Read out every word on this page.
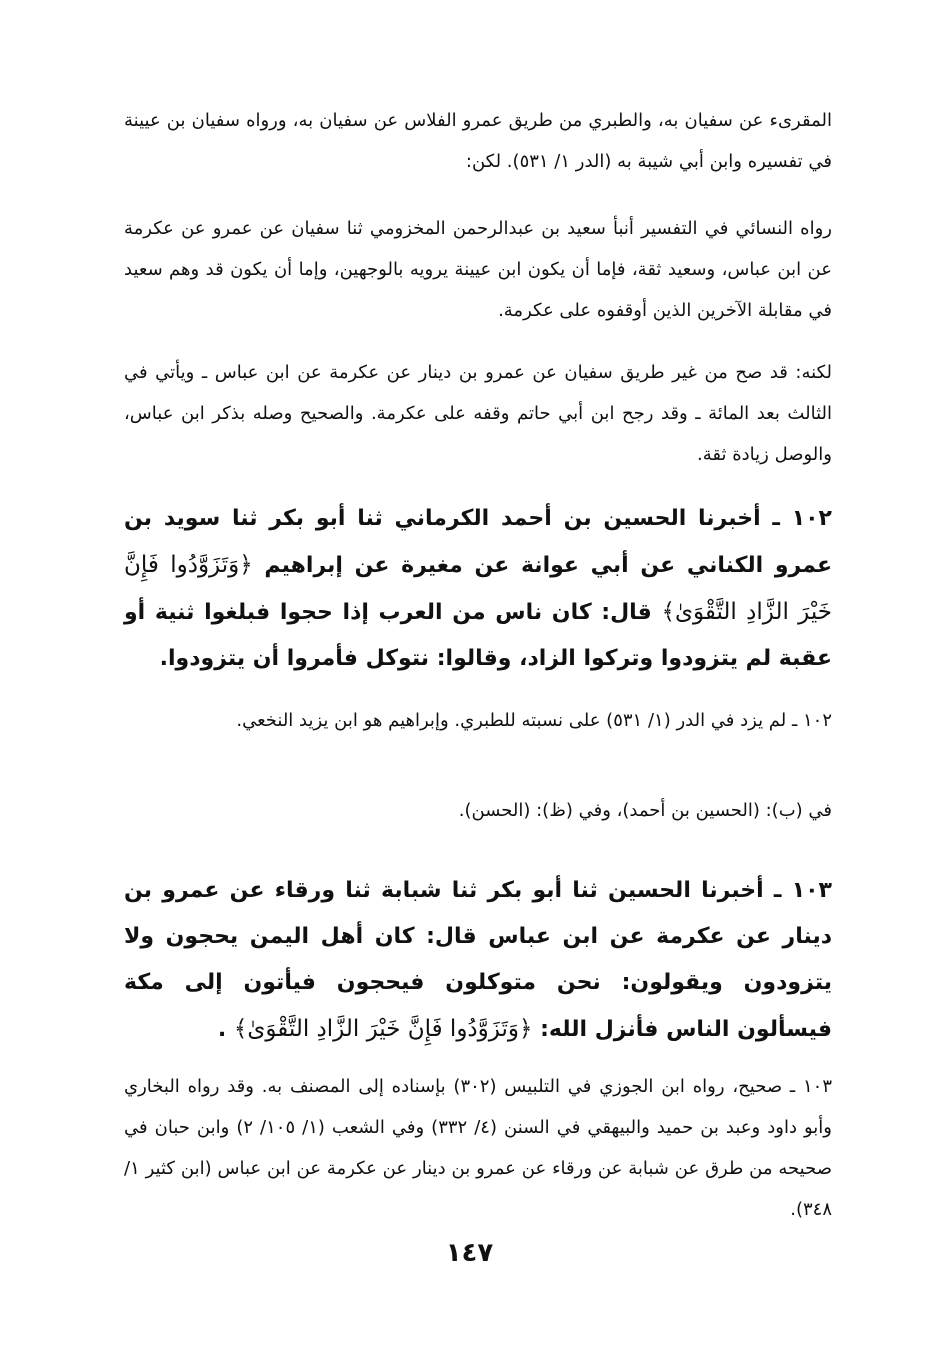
المقرىء عن سفيان به، والطبري من طريق عمرو الفلاس عن سفيان به، ورواه سفيان بن عيينة في تفسيره وابن أبي شيبة به (الدر ١/ ٥٣١). لكن:

رواه النسائي في التفسير أنبأ سعيد بن عبدالرحمن المخزومي ثنا سفيان عن عمرو عن عكرمة عن ابن عباس، وسعيد ثقة، فإما أن يكون ابن عيينة يرويه بالوجهين، وإما أن يكون قد وهم سعيد في مقابلة الآخرين الذين أوقفوه على عكرمة.

لكنه: قد صح من غير طريق سفيان عن عمرو بن دينار عن عكرمة عن ابن عباس ـ ويأتي في الثالث بعد المائة ـ وقد رجح ابن أبي حاتم وقفه على عكرمة. والصحيح وصله بذكر ابن عباس، والوصل زيادة ثقة.

١٠٢ ـ أخبرنا الحسين بن أحمد الكرماني ثنا أبو بكر ثنا سويد بن عمرو الكناني عن أبي عوانة عن مغيرة عن إبراهيم ﴿وَتَزَوَّدُوا فَإِنَّ خَيْرَ الزَّادِ التَّقْوَىٰ﴾ قال: كان ناس من العرب إذا حجوا فبلغوا ثنية أو عقبة لم يتزودوا وتركوا الزاد، وقالوا: نتوكل فأمروا أن يتزودوا.

١٠٢ ـ لم يزد في الدر (١/ ٥٣١) على نسبته للطبري. وإبراهيم هو ابن يزيد النخعي.

في (ب): (الحسين بن أحمد)، وفي (ظ): (الحسن).

١٠٣ ـ أخبرنا الحسين ثنا أبو بكر ثنا شبابة ثنا ورقاء عن عمرو بن دينار عن عكرمة عن ابن عباس قال: كان أهل اليمن يحجون ولا يتزودون ويقولون: نحن متوكلون فيحجون فيأتون إلى مكة فيسألون الناس فأنزل الله: ﴿وَتَزَوَّدُوا فَإِنَّ خَيْرَ الزَّادِ التَّقْوَىٰ﴾ .

١٠٣ ـ صحيح، رواه ابن الجوزي في التلبيس (٣٠٢) بإسناده إلى المصنف به. وقد رواه البخاري وأبو داود وعبد بن حميد والبيهقي في السنن (٤/ ٣٣٢) وفي الشعب (١/ ١٠٥/ ٢) وابن حبان في صحيحه من طرق عن شبابة عن ورقاء عن عمرو بن دينار عن عكرمة عن ابن عباس (ابن كثير ١/ ٣٤٨).

١٤٧
